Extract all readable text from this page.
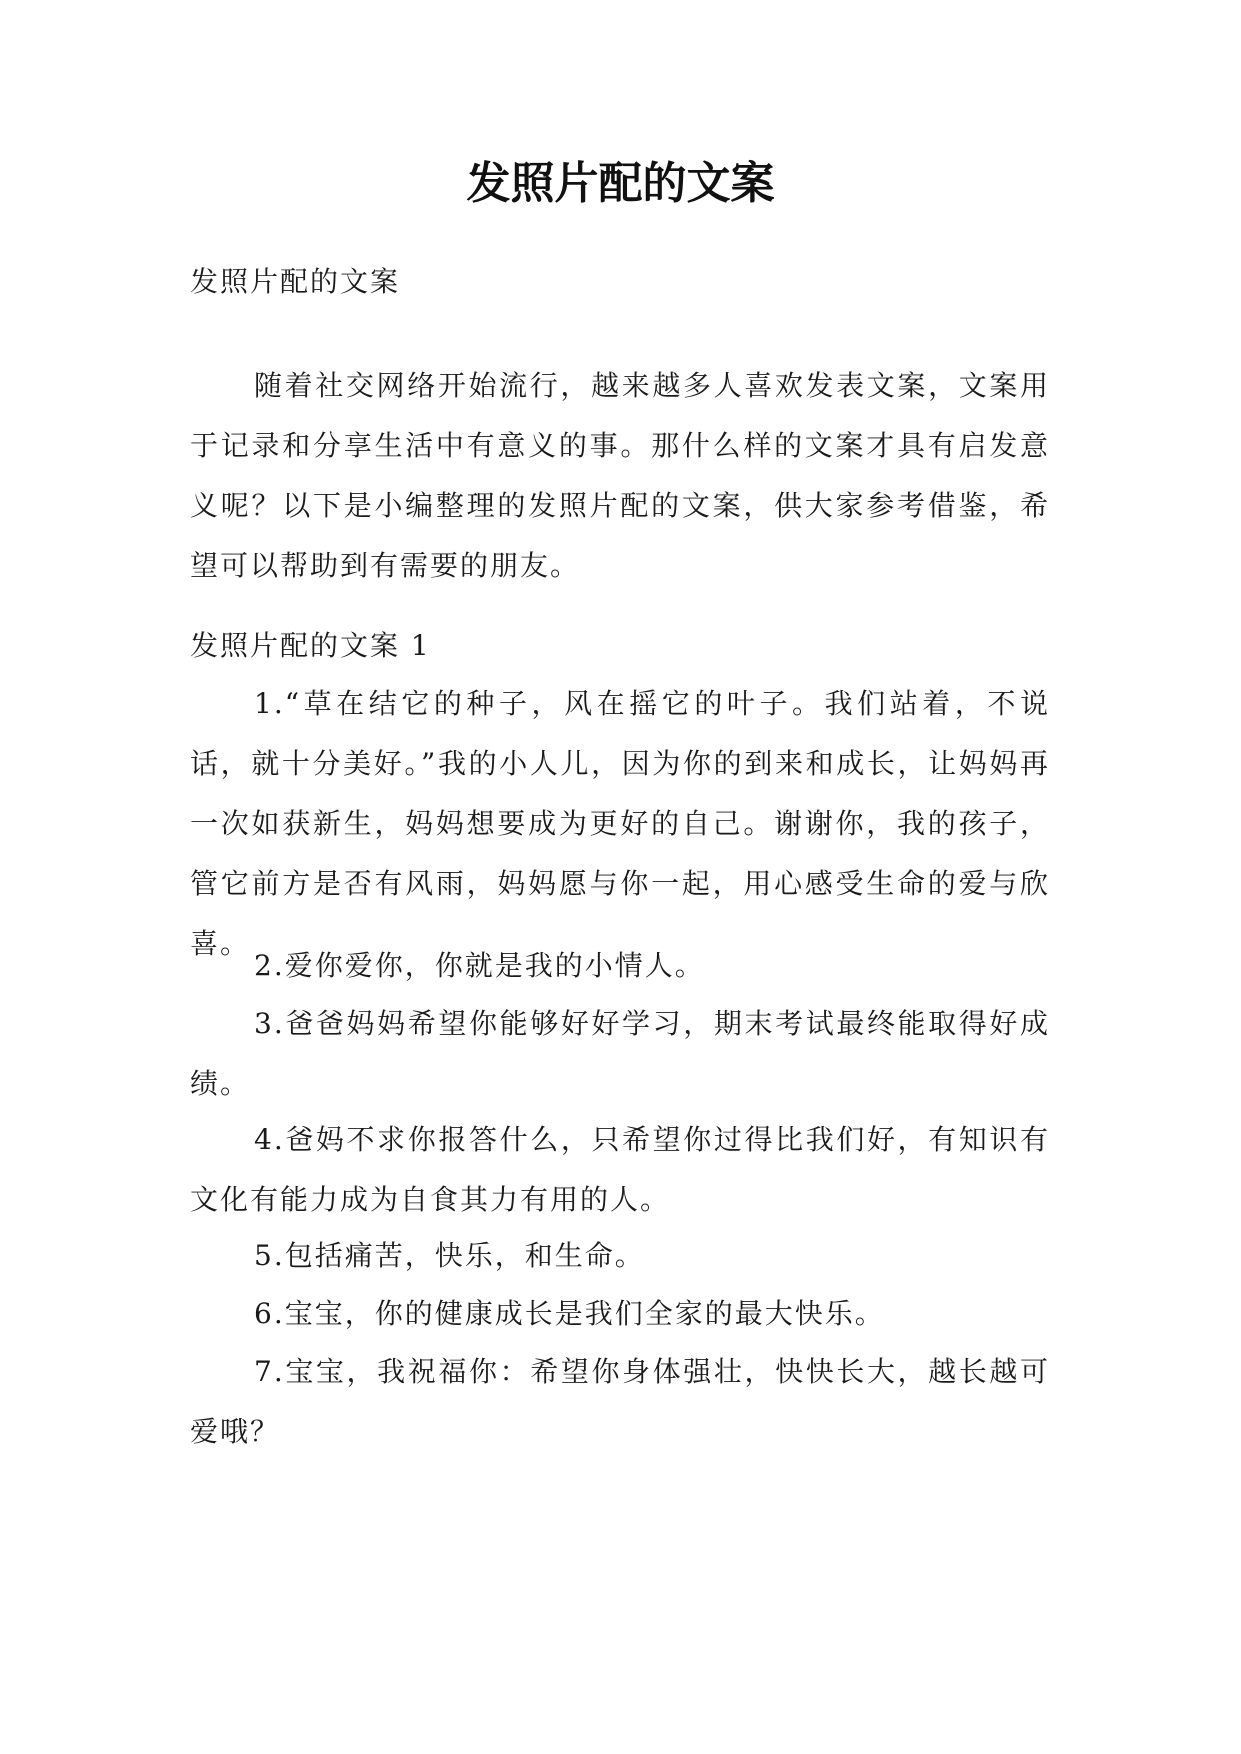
发照片配的文案

发照片配的文案

随着社交网络开始流行，越来越多人喜欢发表文案，文案用于记录和分享生活中有意义的事。那什么样的文案才具有启发意义呢？以下是小编整理的发照片配的文案，供大家参考借鉴，希望可以帮助到有需要的朋友。

发照片配的文案 1

1.“草在结它的种子，风在摇它的叶子。我们站着，不说话，就十分美好。”我的小人儿，因为你的到来和成长，让妈妈再一次如获新生，妈妈想要成为更好的自己。谢谢你，我的孩子，管它前方是否有风雨，妈妈愿与你一起，用心感受生命的爱与欣喜。

2.爱你爱你，你就是我的小情人。

3.爸爸妈妈希望你能够好好学习，期末考试最终能取得好成绩。

4.爸妈不求你报答什么，只希望你过得比我们好，有知识有文化有能力成为自食其力有用的人。

5.包括痛苦，快乐，和生命。

6.宝宝，你的健康成长是我们全家的最大快乐。

7.宝宝，我祝福你：希望你身体强壮，快快长大，越长越可爱哦？
